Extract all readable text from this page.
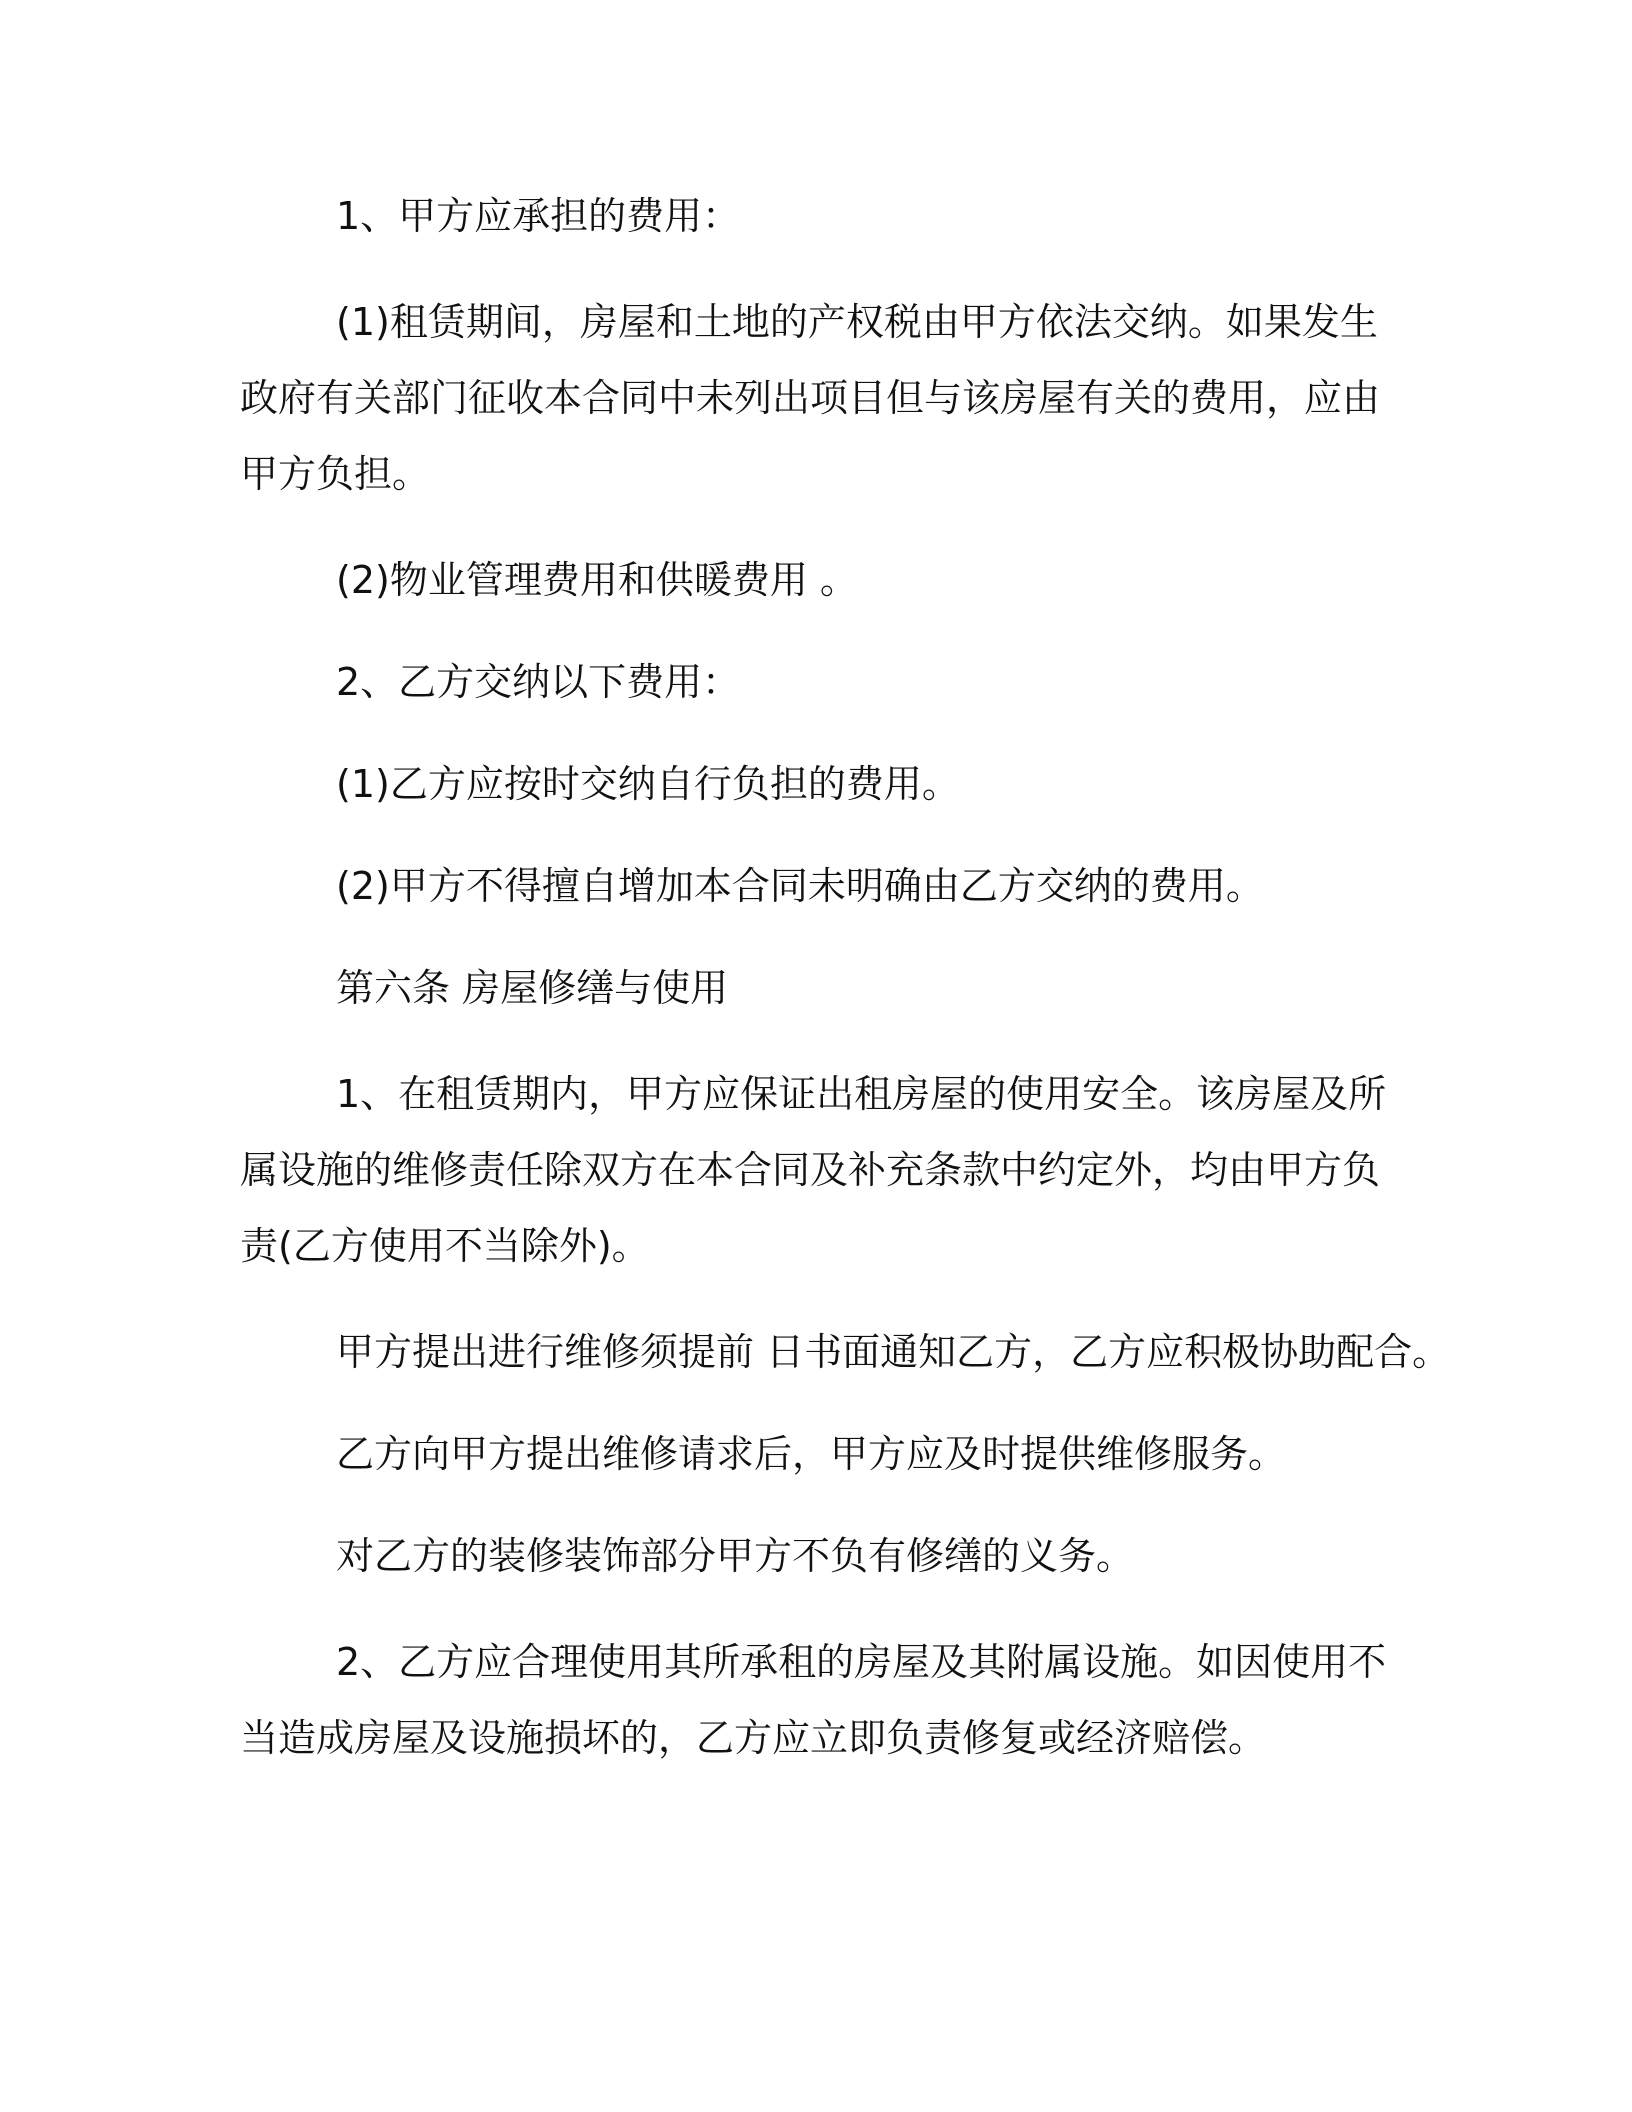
1、甲方应承担的费用：

(1)租赁期间，房屋和土地的产权税由甲方依法交纳。如果发生
政府有关部门征收本合同中未列出项目但与该房屋有关的费用，应由
甲方负担。

(2)物业管理费用和供暖费用 。

2、乙方交纳以下费用：

(1)乙方应按时交纳自行负担的费用。

(2)甲方不得擅自增加本合同未明确由乙方交纳的费用。

第六条 房屋修缮与使用

1、在租赁期内，甲方应保证出租房屋的使用安全。该房屋及所
属设施的维修责任除双方在本合同及补充条款中约定外，均由甲方负
责(乙方使用不当除外)。

甲方提出进行维修须提前 日书面通知乙方，乙方应积极协助配合。

乙方向甲方提出维修请求后，甲方应及时提供维修服务。

对乙方的装修装饰部分甲方不负有修缮的义务。

2、乙方应合理使用其所承租的房屋及其附属设施。如因使用不
当造成房屋及设施损坏的，乙方应立即负责修复或经济赔偿。
